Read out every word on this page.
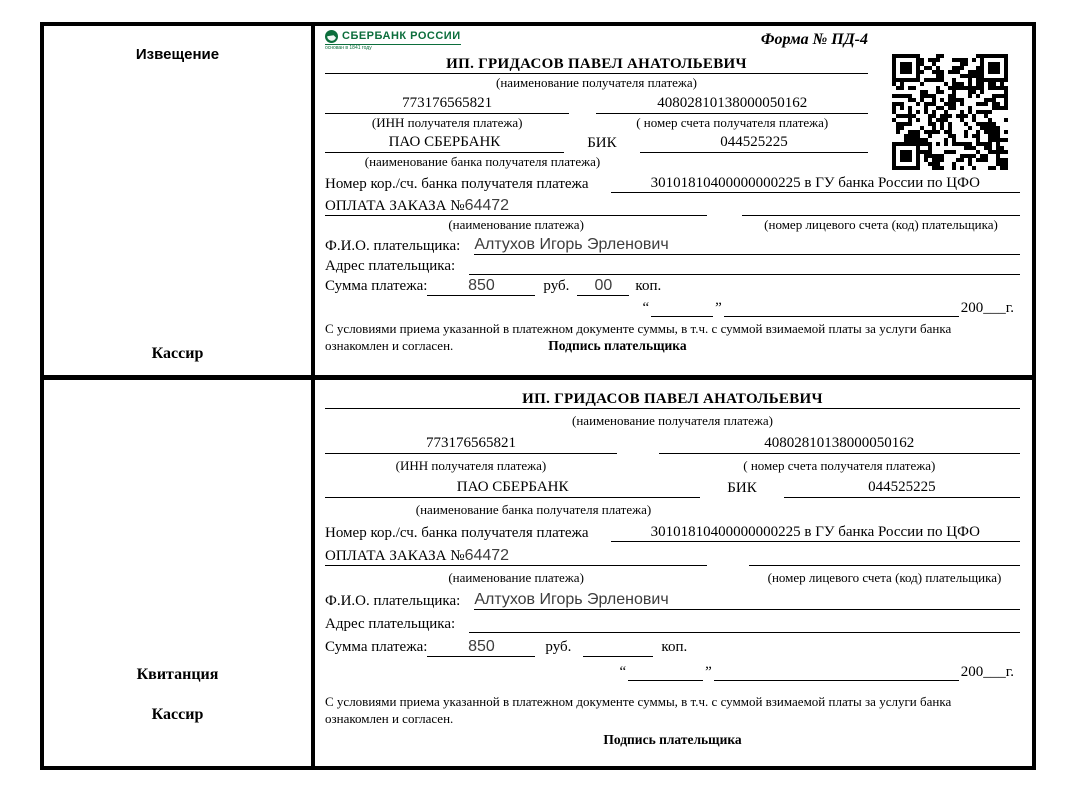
Извещение
Кассир
СБЕРБАНК РОССИИ
основан в 1841 году	Форма № ПД-4
ИП. ГРИДАСОВ ПАВЕЛ АНАТОЛЬЕВИЧ
(наименование получателя платежа)
773176565821	40802810138000050162
(ИНН получателя платежа)	( номер счета получателя платежа)
ПАО СБЕРБАНК	БИК	044525225
(наименование банка получателя платежа)
Номер кор./сч. банка получателя платежа	30101810400000000225 в ГУ банка России по ЦФО
ОПЛАТА ЗАКАЗА №64472

(наименование платежа)	(номер лицевого счета (код) плательщика)
Ф.И.О. плательщика: Алтухов Игорь Эрленович
Адрес плательщика:
Сумма платежа:	850	руб.	00	коп.
“
	”
	200___г.
С условиями приема указанной в платежном документе суммы, в т.ч. с суммой взимаемой платы за услуги банка
ознакомлен и согласен.	Подпись плательщика
Квитанция
Кассир
ИП. ГРИДАСОВ ПАВЕЛ АНАТОЛЬЕВИЧ
(наименование получателя платежа)
773176565821	40802810138000050162
(ИНН получателя платежа)	( номер счета получателя платежа)
ПАО СБЕРБАНК	БИК	044525225
(наименование банка получателя платежа)
Номер кор./сч. банка получателя платежа	30101810400000000225 в ГУ банка России по ЦФО
ОПЛАТА ЗАКАЗА №64472

(наименование платежа)	(номер лицевого счета (код) плательщика)
Ф.И.О. плательщика: Алтухов Игорь Эрленович
Адрес плательщика:
Сумма платежа:	850	руб.	коп.
“
	”
	200___г.
С условиями приема указанной в платежном документе суммы, в т.ч. с суммой взимаемой платы за услуги банка
ознакомлен и согласен.
Подпись плательщика
